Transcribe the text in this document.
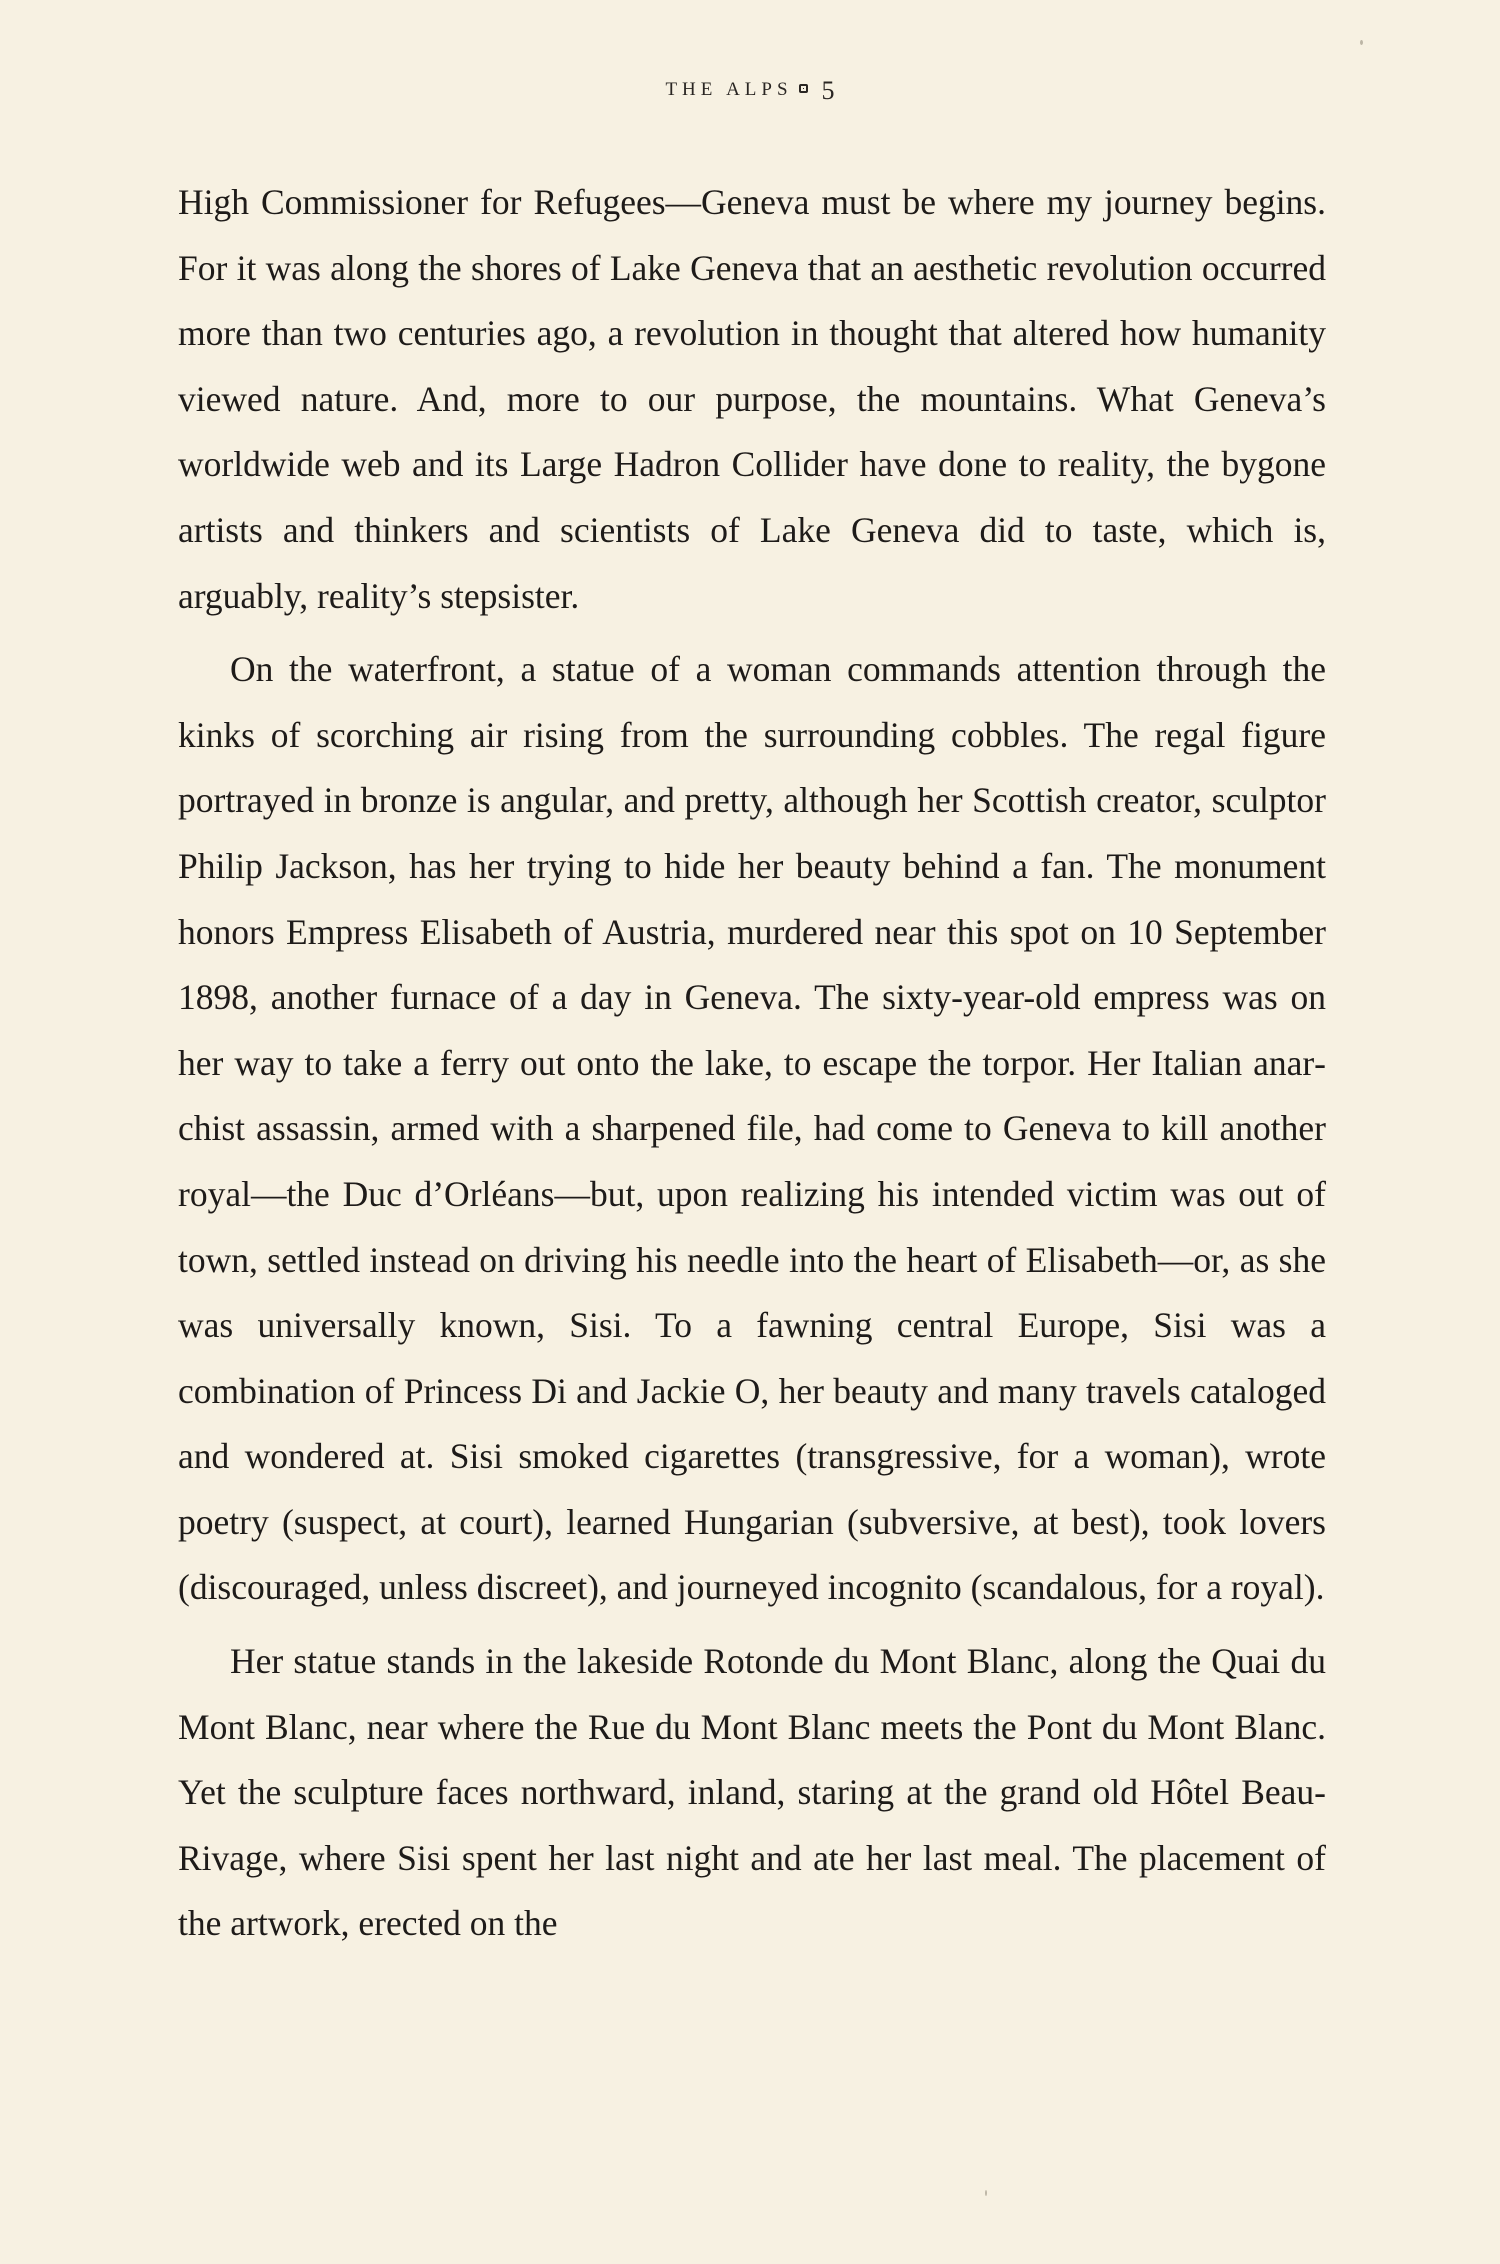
THE ALPS 5

High Commissioner for Refugees—Geneva must be where my journey begins. For it was along the shores of Lake Geneva that an aesthetic revolution occurred more than two centuries ago, a revolution in thought that altered how humanity viewed nature. And, more to our purpose, the mountains. What Geneva’s worldwide web and its Large Hadron Collider have done to reality, the bygone artists and thinkers and scientists of Lake Geneva did to taste, which is, arguably, reality’s stepsister.

On the waterfront, a statue of a woman commands attention through the kinks of scorching air rising from the surrounding cobbles. The regal figure portrayed in bronze is angular, and pretty, although her Scottish creator, sculptor Philip Jackson, has her trying to hide her beauty behind a fan. The monument honors Empress Elisabeth of Austria, murdered near this spot on 10 September 1898, another furnace of a day in Geneva. The sixty-year-old empress was on her way to take a ferry out onto the lake, to escape the torpor. Her Italian anarchist assassin, armed with a sharpened file, had come to Geneva to kill another royal—the Duc d’Orléans—but, upon realizing his intended victim was out of town, settled instead on driving his needle into the heart of Elisabeth—or, as she was universally known, Sisi. To a fawning central Europe, Sisi was a combination of Princess Di and Jackie O, her beauty and many travels cataloged and wondered at. Sisi smoked cigarettes (transgressive, for a woman), wrote poetry (suspect, at court), learned Hungarian (subversive, at best), took lovers (discouraged, unless discreet), and journeyed incognito (scandalous, for a royal).

Her statue stands in the lakeside Rotonde du Mont Blanc, along the Quai du Mont Blanc, near where the Rue du Mont Blanc meets the Pont du Mont Blanc. Yet the sculpture faces northward, inland, staring at the grand old Hôtel Beau-Rivage, where Sisi spent her last night and ate her last meal. The placement of the artwork, erected on the
